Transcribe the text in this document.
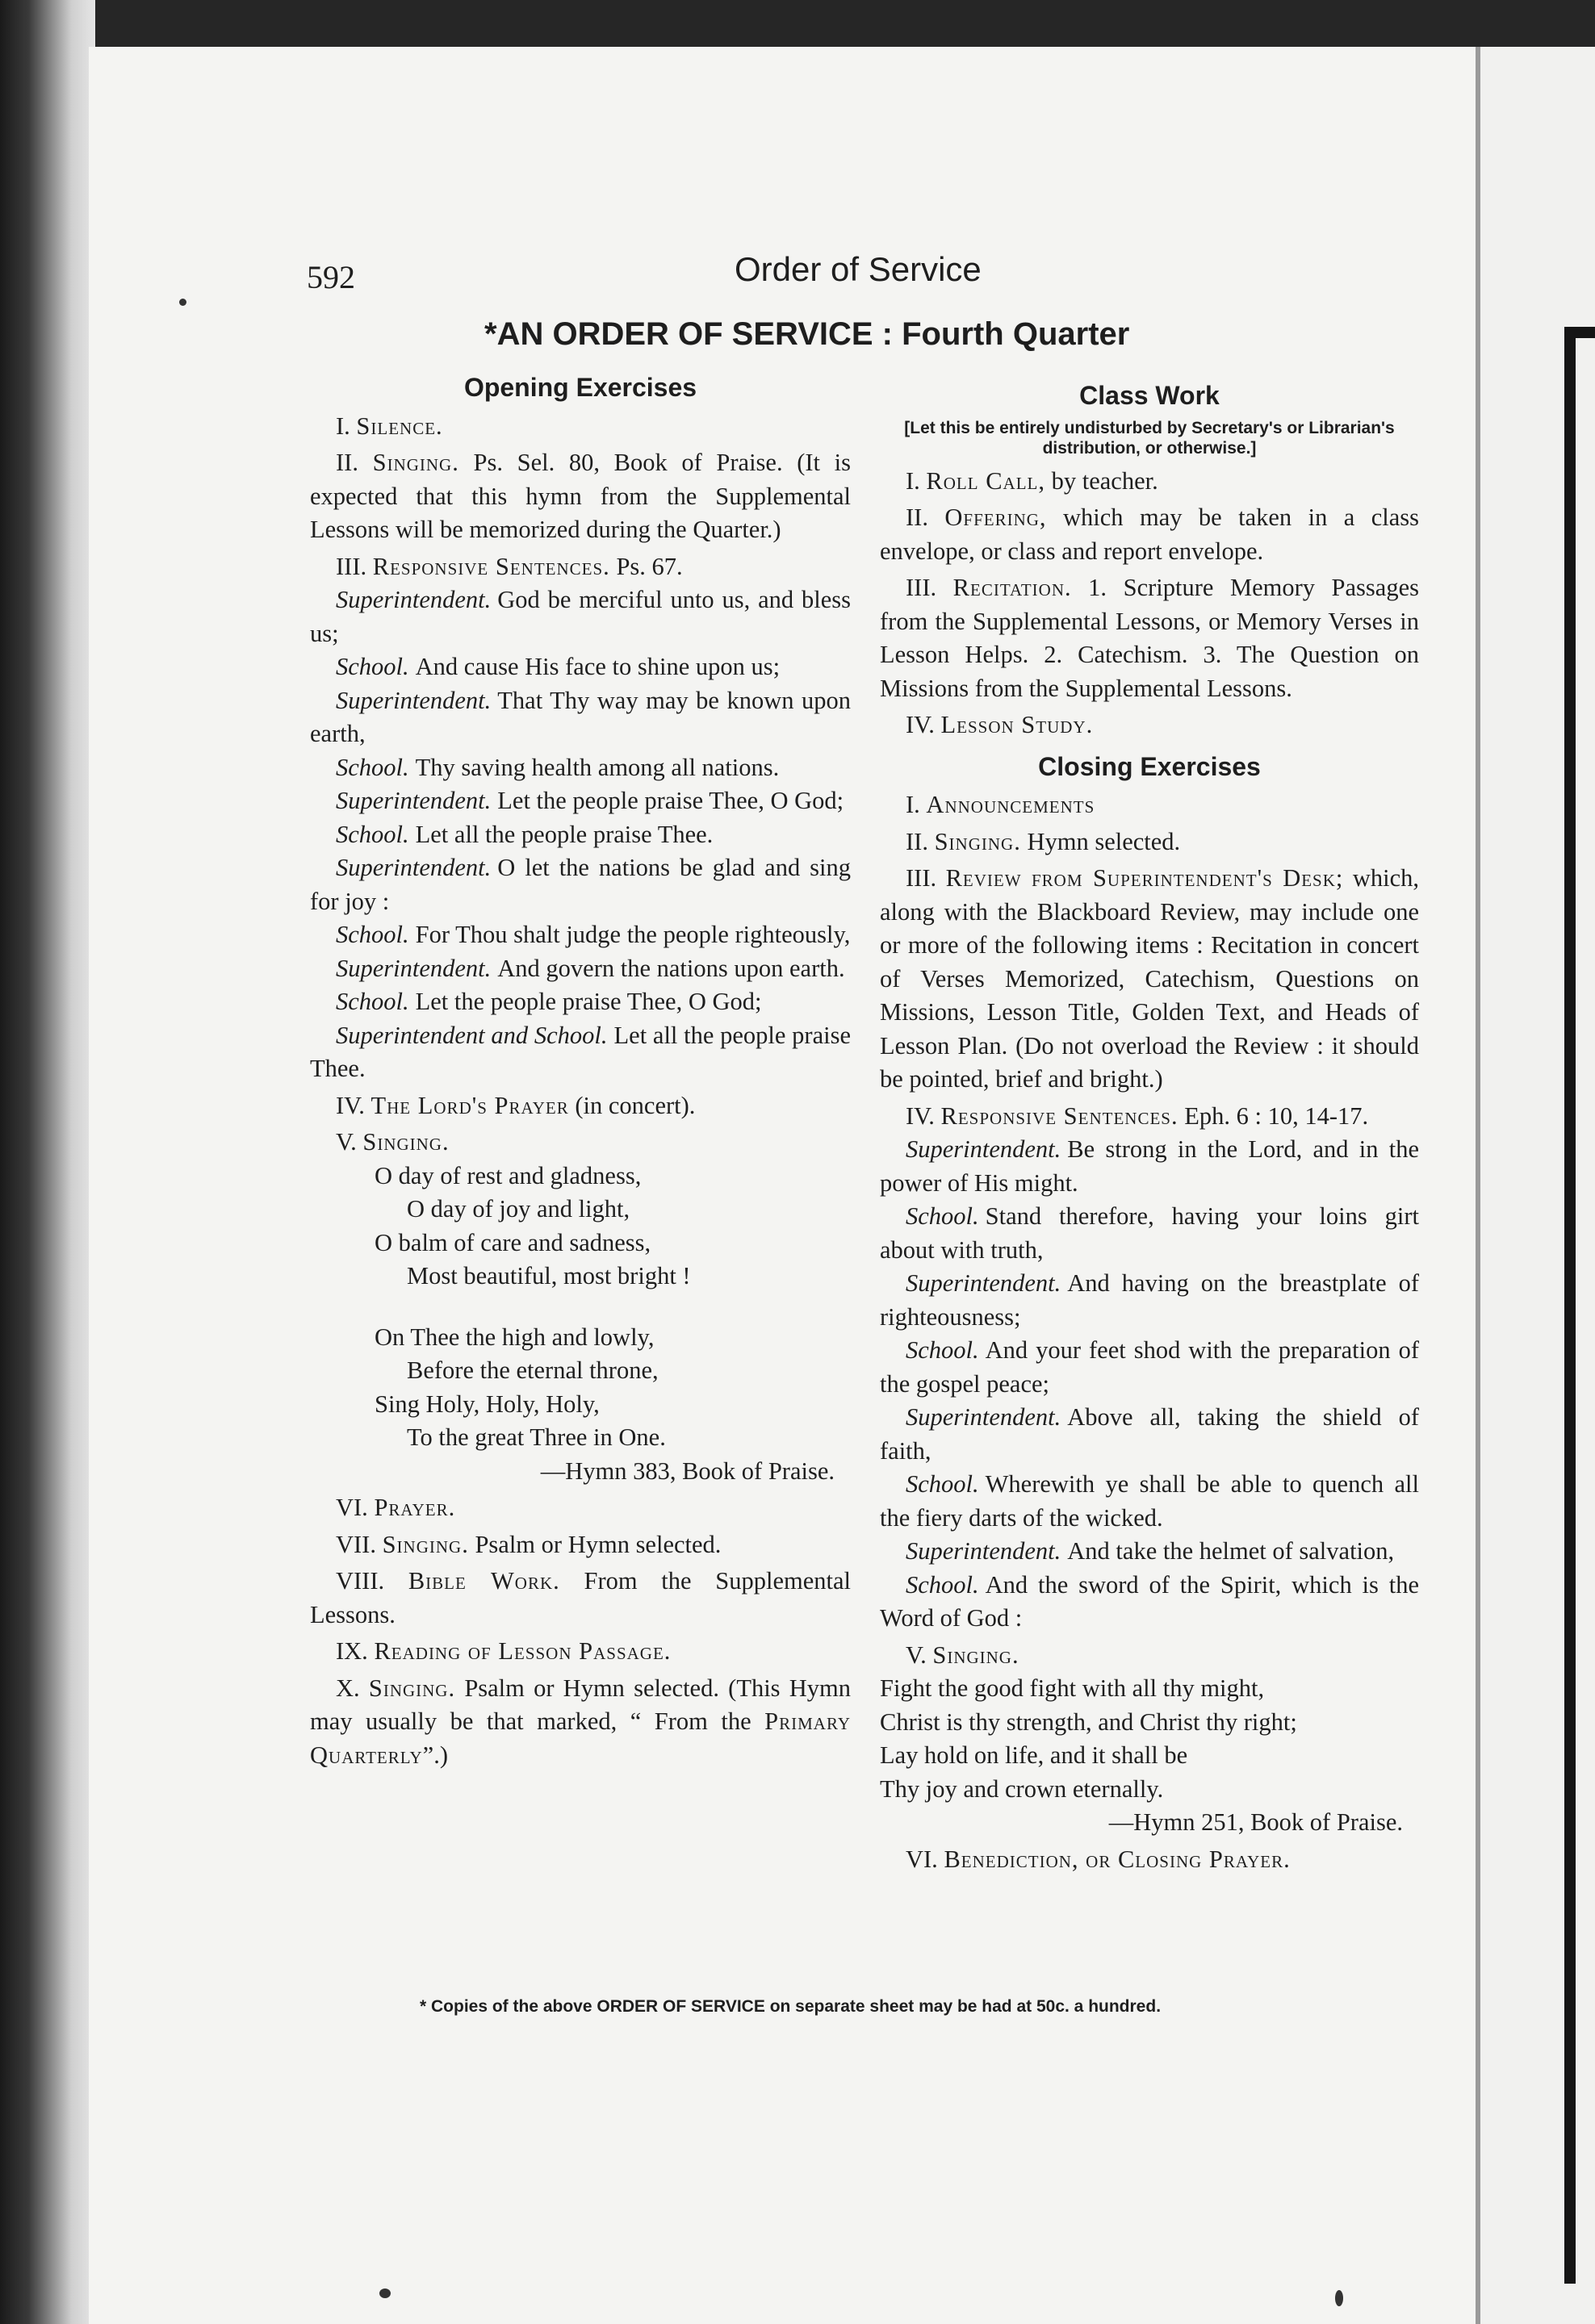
592	Order of Service
*AN ORDER OF SERVICE : Fourth Quarter

Opening Exercises

I. Silence.

II. Singing. Ps. Sel. 80, Book of Praise. (It is expected that this hymn from the Supplemental Lessons will be memorized during the Quarter.)

III. Responsive Sentences. Ps. 67.

Superintendent. God be merciful unto us, and bless us;

School. And cause His face to shine upon us;

Superintendent. That Thy way may be known upon earth,

School. Thy saving health among all nations.

Superintendent. Let the people praise Thee, O God;

School. Let all the people praise Thee.

Superintendent. O let the nations be glad and sing for joy :

School. For Thou shalt judge the people righteously,

Superintendent. And govern the nations upon earth.

School. Let the people praise Thee, O God;

Superintendent and School. Let all the people praise Thee.

IV. The Lord's Prayer (in concert).

V. Singing.

O day of rest and gladness,

O day of joy and light,

O balm of care and sadness,

Most beautiful, most bright !

On Thee the high and lowly,

Before the eternal throne,

Sing Holy, Holy, Holy,

To the great Three in One.

—Hymn 383, Book of Praise.

VI. Prayer.

VII. Singing. Psalm or Hymn selected.

VIII. Bible Work. From the Supplemental Lessons.

IX. Reading of Lesson Passage.

X. Singing. Psalm or Hymn selected. (This Hymn may usually be that marked, “ From the Primary Quarterly”.)

Class Work

[Let this be entirely undisturbed by Secretary's or Librarian's distribution, or otherwise.]

I. Roll Call, by teacher.

II. Offering, which may be taken in a class envelope, or class and report envelope.

III. Recitation. 1. Scripture Memory Passages from the Supplemental Lessons, or Memory Verses in Lesson Helps. 2. Catechism. 3. The Question on Missions from the Supplemental Lessons.

IV. Lesson Study.

Closing Exercises

I. Announcements

II. Singing. Hymn selected.

III. Review from Superintendent's Desk; which, along with the Blackboard Review, may include one or more of the following items : Recitation in concert of Verses Memorized, Catechism, Questions on Missions, Lesson Title, Golden Text, and Heads of Lesson Plan. (Do not overload the Review : it should be pointed, brief and bright.)

IV. Responsive Sentences. Eph. 6 : 10, 14-17.

Superintendent. Be strong in the Lord, and in the power of His might.

School. Stand therefore, having your loins girt about with truth,

Superintendent. And having on the breastplate of righteousness;

School. And your feet shod with the preparation of the gospel peace;

Superintendent. Above all, taking the shield of faith,

School. Wherewith ye shall be able to quench all the fiery darts of the wicked.

Superintendent. And take the helmet of salvation,

School. And the sword of the Spirit, which is the Word of God :

V. Singing.

Fight the good fight with all thy might,

Christ is thy strength, and Christ thy right;

Lay hold on life, and it shall be

Thy joy and crown eternally.

—Hymn 251, Book of Praise.

VI. Benediction, or Closing Prayer.

* Copies of the above ORDER OF SERVICE on separate sheet may be had at 50c. a hundred.
